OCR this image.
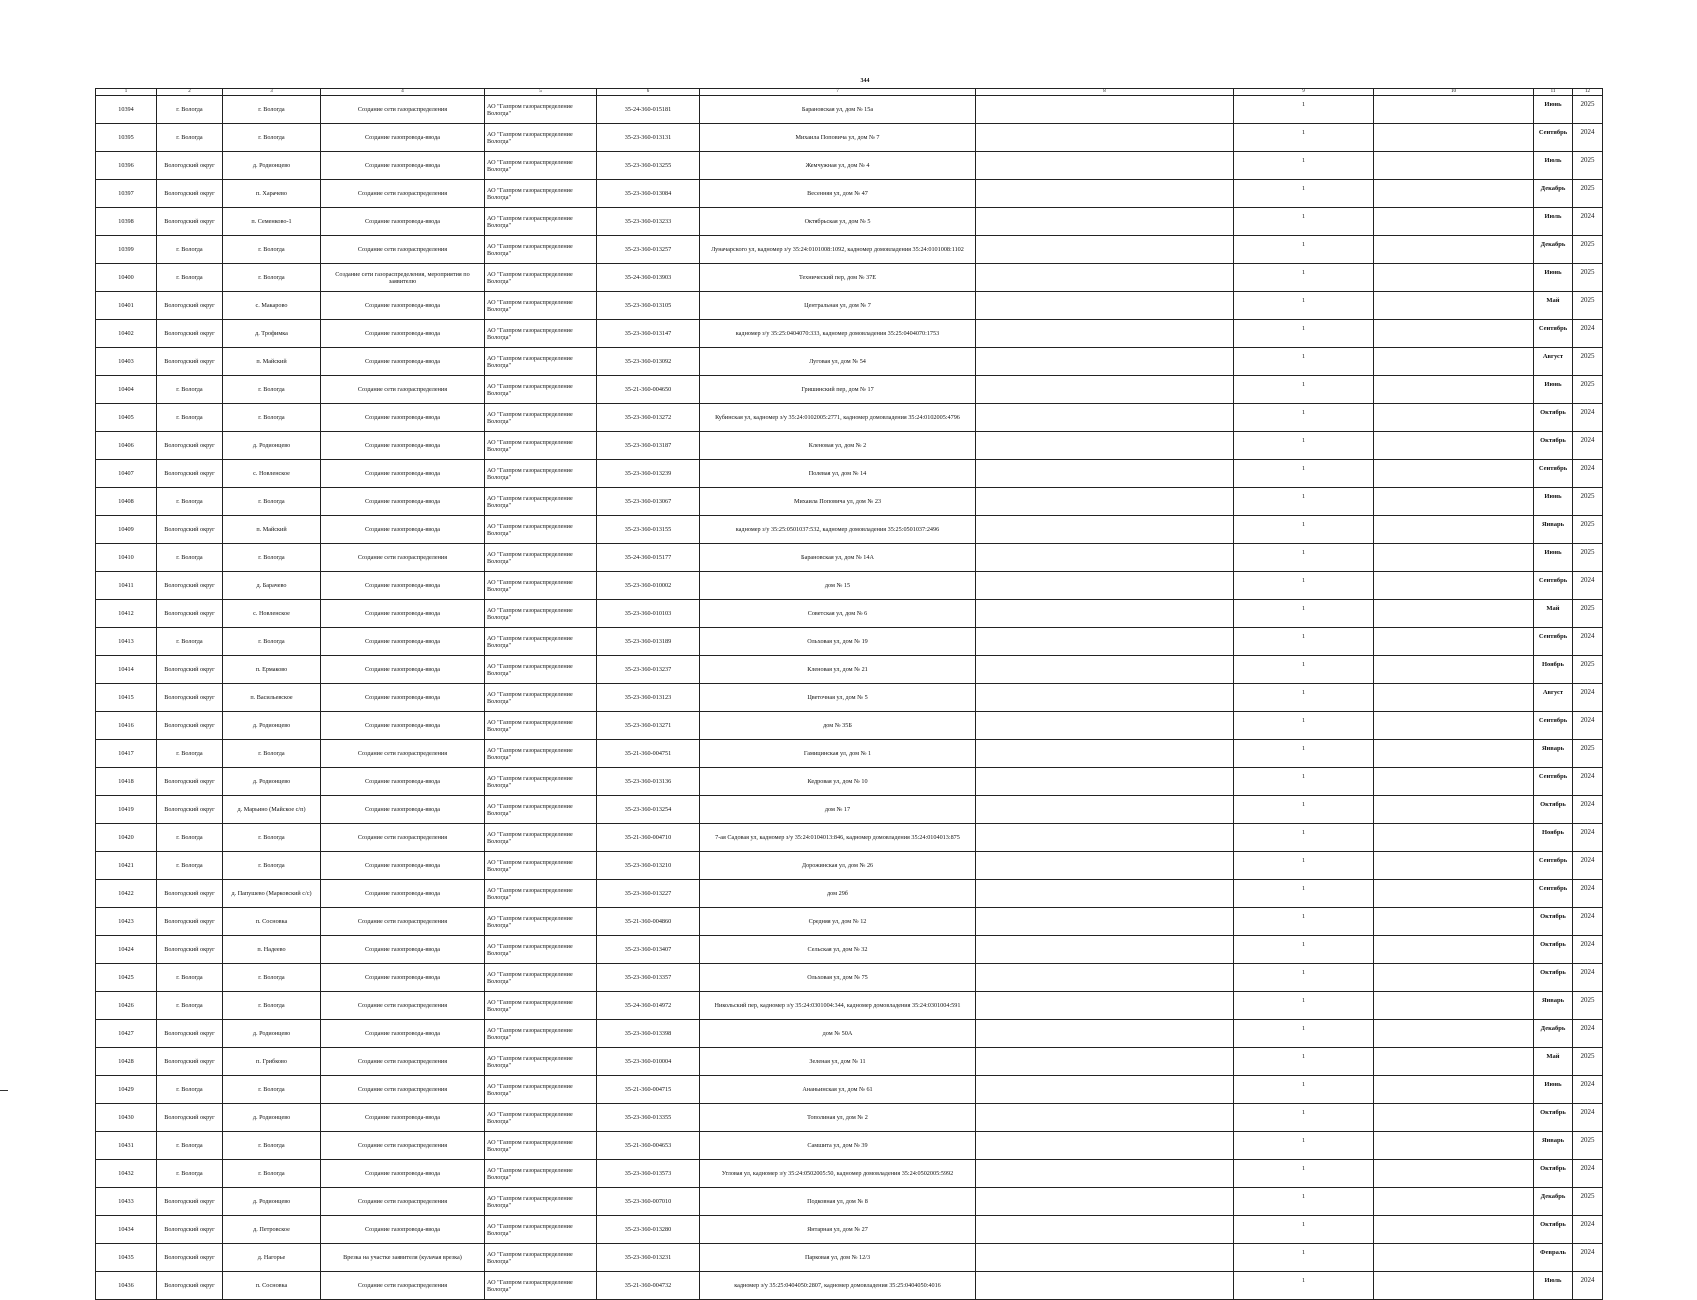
344
1	2	3	4	5	6	7	8	9	10	11	12
10394	г. Вологда	г. Вологда	Создание сети газораспределения	АО "Газпром газораспределение Вологда"	35-24-360-015181	Барановская ул, дом № 15а		1		Июнь	2025
10395	г. Вологда	г. Вологда	Создание газопровода-ввода	АО "Газпром газораспределение Вологда"	35-23-360-013131	Михаила Поповича ул, дом № 7		1		Сентябрь	2024
10396	Вологодский округ	д. Родионцево	Создание газопровода-ввода	АО "Газпром газораспределение Вологда"	35-23-360-013255	Жемчужная ул, дом № 4		1		Июль	2025
10397	Вологодский округ	п. Харачево	Создание сети газораспределения	АО "Газпром газораспределение Вологда"	35-23-360-013084	Весенняя ул, дом № 47		1		Декабрь	2025
10398	Вологодский округ	п. Семенково-1	Создание газопровода-ввода	АО "Газпром газораспределение Вологда"	35-23-360-013233	Октябрьская ул, дом № 5		1		Июль	2024
10399	г. Вологда	г. Вологда	Создание сети газораспределения	АО "Газпром газораспределение Вологда"	35-23-360-013257	Луначарского ул, кадномер з/у 35:24:0101008:1092, кадномер домовладения 35:24:0101008:1102		1		Декабрь	2025
10400	г. Вологда	г. Вологда	Создание сети газораспределения, мероприятия по заявителю	АО "Газпром газораспределение Вологда"	35-24-360-013903	Технический пер, дом № 37Е		1		Июнь	2025
10401	Вологодский округ	с. Макарово	Создание газопровода-ввода	АО "Газпром газораспределение Вологда"	35-23-360-013105	Центральная ул, дом № 7		1		Май	2025
10402	Вологодский округ	д. Трофимка	Создание газопровода-ввода	АО "Газпром газораспределение Вологда"	35-23-360-013147	кадномер з/у 35:25:0404070:333, кадномер домовладения 35:25:0404070:1753		1		Сентябрь	2024
10403	Вологодский округ	п. Майский	Создание газопровода-ввода	АО "Газпром газораспределение Вологда"	35-23-360-013092	Луговая ул, дом № 54		1		Август	2025
10404	г. Вологда	г. Вологда	Создание сети газораспределения	АО "Газпром газораспределение Вологда"	35-21-360-004650	Гришинский пер, дом № 17		1		Июнь	2025
10405	г. Вологда	г. Вологда	Создание газопровода-ввода	АО "Газпром газораспределение Вологда"	35-23-360-013272	Кубинская ул, кадномер з/у 35:24:0102005:2771, кадномер домовладения 35:24:0102005:4796		1		Октябрь	2024
10406	Вологодский округ	д. Родионцево	Создание газопровода-ввода	АО "Газпром газораспределение Вологда"	35-23-360-013187	Кленовая ул, дом № 2		1		Октябрь	2024
10407	Вологодский округ	с. Новленское	Создание газопровода-ввода	АО "Газпром газораспределение Вологда"	35-23-360-013239	Полевая ул, дом № 14		1		Сентябрь	2024
10408	г. Вологда	г. Вологда	Создание газопровода-ввода	АО "Газпром газораспределение Вологда"	35-23-360-013067	Михаила Поповича ул, дом № 23		1		Июнь	2025
10409	Вологодский округ	п. Майский	Создание газопровода-ввода	АО "Газпром газораспределение Вологда"	35-23-360-013155	кадномер з/у 35:25:0501037:532, кадномер домовладения 35:25:0501037:2496		1		Январь	2025
10410	г. Вологда	г. Вологда	Создание сети газораспределения	АО "Газпром газораспределение Вологда"	35-24-360-015177	Барановская ул, дом № 14А		1		Июнь	2025
10411	Вологодский округ	д. Барачево	Создание газопровода-ввода	АО "Газпром газораспределение Вологда"	35-23-360-010002	дом № 15		1		Сентябрь	2024
10412	Вологодский округ	с. Новленское	Создание газопровода-ввода	АО "Газпром газораспределение Вологда"	35-23-360-010103	Советская ул, дом № 6		1		Май	2025
10413	г. Вологда	г. Вологда	Создание газопровода-ввода	АО "Газпром газораспределение Вологда"	35-23-360-013189	Ольховая ул, дом № 19		1		Сентябрь	2024
10414	Вологодский округ	п. Ермаково	Создание газопровода-ввода	АО "Газпром газораспределение Вологда"	35-23-360-013237	Кленовая ул, дом № 21		1		Ноябрь	2025
10415	Вологодский округ	п. Васильевское	Создание газопровода-ввода	АО "Газпром газораспределение Вологда"	35-23-360-013123	Цветочная ул, дом № 5		1		Август	2024
10416	Вологодский округ	д. Родионцево	Создание газопровода-ввода	АО "Газпром газораспределение Вологда"	35-23-360-013271	дом № 35Б		1		Сентябрь	2024
10417	г. Вологда	г. Вологда	Создание сети газораспределения	АО "Газпром газораспределение Вологда"	35-21-360-004751	Гамицинская ул, дом № 1		1		Январь	2025
10418	Вологодский округ	д. Родионцево	Создание газопровода-ввода	АО "Газпром газораспределение Вологда"	35-23-360-013136	Кедровая ул, дом № 10		1		Сентябрь	2024
10419	Вологодский округ	д. Марьино (Майское с/п)	Создание газопровода-ввода	АО "Газпром газораспределение Вологда"	35-23-360-013254	дом № 17		1		Октябрь	2024
10420	г. Вологда	г. Вологда	Создание сети газораспределения	АО "Газпром газораспределение Вологда"	35-21-360-004710	7-ая Садовая ул, кадномер з/у 35:24:0104013:846, кадномер домовладения 35:24:0104013:875		1		Ноябрь	2024
10421	г. Вологда	г. Вологда	Создание газопровода-ввода	АО "Газпром газораспределение Вологда"	35-23-360-013210	Дорожинская ул, дом № 26		1		Сентябрь	2024
10422	Вологодский округ	д. Папушево (Марковский с/с)	Создание газопровода-ввода	АО "Газпром газораспределение Вологда"	35-23-360-013227	дом 29б		1		Сентябрь	2024
10423	Вологодский округ	п. Сосновка	Создание сети газораспределения	АО "Газпром газораспределение Вологда"	35-21-360-004860	Средняя ул, дом № 12		1		Октябрь	2024
10424	Вологодский округ	п. Надеево	Создание газопровода-ввода	АО "Газпром газораспределение Вологда"	35-23-360-013407	Сельская ул, дом № 32		1		Октябрь	2024
10425	г. Вологда	г. Вологда	Создание газопровода-ввода	АО "Газпром газораспределение Вологда"	35-23-360-013357	Ольховая ул, дом № 75		1		Октябрь	2024
10426	г. Вологда	г. Вологда	Создание сети газораспределения	АО "Газпром газораспределение Вологда"	35-24-360-014972	Никольский пер, кадномер з/у 35:24:0301004:344, кадномер домовладения 35:24:0301004:591		1		Январь	2025
10427	Вологодский округ	д. Родионцево	Создание газопровода-ввода	АО "Газпром газораспределение Вологда"	35-23-360-013398	дом № 50А		1		Декабрь	2024
10428	Вологодский округ	п. Грибково	Создание сети газораспределения	АО "Газпром газораспределение Вологда"	35-23-360-010004	Зеленая ул, дом № 11		1		Май	2025
10429	г. Вологда	г. Вологда	Создание сети газораспределения	АО "Газпром газораспределение Вологда"	35-21-360-004715	Ананьинская ул, дом № 61		1		Июнь	2024
10430	Вологодский округ	д. Родионцево	Создание газопровода-ввода	АО "Газпром газораспределение Вологда"	35-23-360-013355	Тополиная ул, дом № 2		1		Октябрь	2024
10431	г. Вологда	г. Вологда	Создание сети газораспределения	АО "Газпром газораспределение Вологда"	35-21-360-004653	Самшита ул, дом № 39		1		Январь	2025
10432	г. Вологда	г. Вологда	Создание газопровода-ввода	АО "Газпром газораспределение Вологда"	35-23-360-013573	Угловая ул, кадномер з/у 35:24:0502005:50, кадномер домовладения 35:24:0502005:5992		1		Октябрь	2024
10433	Вологодский округ	д. Родионцево	Создание сети газораспределения	АО "Газпром газораспределение Вологда"	35-23-360-007010	Подковная ул, дом № 8		1		Декабрь	2025
10434	Вологодский округ	д. Петровское	Создание газопровода-ввода	АО "Газпром газораспределение Вологда"	35-23-360-013280	Янтарная ул, дом № 27		1		Октябрь	2024
10435	Вологодский округ	д. Нагорье	Врезка на участке заявителя (кулачая врезка)	АО "Газпром газораспределение Вологда"	35-23-360-013231	Парковая ул, дом № 12/3		1		Февраль	2024
10436	Вологодский округ	п. Сосновка	Создание сети газораспределения	АО "Газпром газораспределение Вологда"	35-21-360-004732	кадномер з/у 35:25:0404050:2807, кадномер домовладения 35:25:0404050:4016		1		Июль	2024
